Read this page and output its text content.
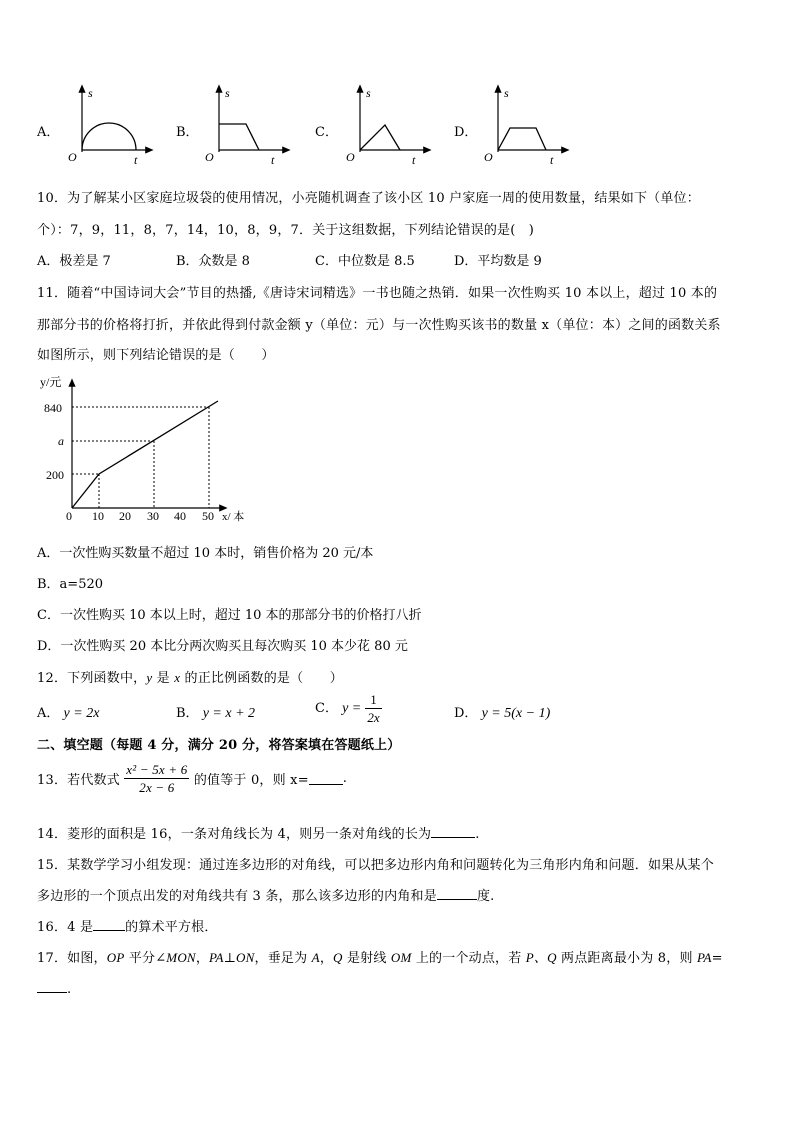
A．
s
O	t
B．
s
O	t
C．
s
O	t
D．
s
O	t
10．为了解某小区家庭垃圾袋的使用情况，小亮随机调查了该小区 10 户家庭一周的使用数量，结果如下（单位：
个）：7，9，11，8，7，14，10，8，9，7．关于这组数据，下列结论错误的是(　)
A．极差是 7	B．众数是 8	C．中位数是 8.5	D．平均数是 9
11．随着“中国诗词大会”节目的热播,《唐诗宋词精选》一书也随之热销．如果一次性购买 10 本以上，超过 10 本的
那部分书的价格将打折，并依此得到付款金额 y（单位：元）与一次性购买该书的数量 x（单位：本）之间的函数关系
如图所示，则下列结论错误的是（　　）
y/元
840
a
200
0 10 20 30 40 50 x/ 本
A．一次性购买数量不超过 10 本时，销售价格为 20 元/本
B．a=520
C．一次性购买 10 本以上时，超过 10 本的那部分书的价格打八折
D．一次性购买 20 本比分两次购买且每次购买 10 本少花 80 元
12．下列函数中，y 是 x 的正比例函数的是（　　）
A． y = 2x	B． y = x + 2	C． $y = \frac{1}{2x}$	D． y = 5(x − 1)
二、填空题（每题 4 分，满分 20 分，将答案填在答题纸上）
13．若代数式 $\frac{\text{x² − 5x + 6}}{2x - 6}$ 的值等于 0，则 x=	.
14．菱形的面积是 16，一条对角线长为 4，则另一条对角线的长为	.
15．某数学学习小组发现：通过连多边形的对角线，可以把多边形内角和问题转化为三角形内角和问题．如果从某个
多边形的一个顶点出发的对角线共有 3 条，那么该多边形的内角和是	度.
16．4 是 的算术平方根．
17．如图，OP 平分∠MON，PA⊥ON，垂足为 A，Q 是射线 OM 上的一个动点，若 P、Q 两点距离最小为 8，则 PA=
.
